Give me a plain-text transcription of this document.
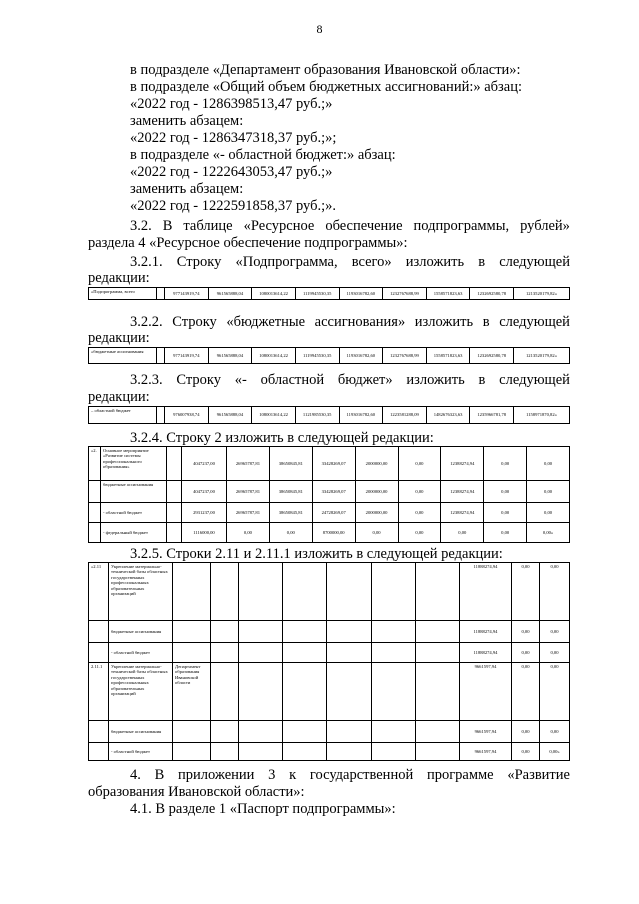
8
в подразделе «Департамент образования Ивановской области»:
в подразделе «Общий объем бюджетных ассигнований:» абзац:
«2022 год - 1286398513,47 руб.;»
заменить абзацем:
«2022 год - 1286347318,37 руб.;»;
в подразделе «- областной бюджет:» абзац:
«2022 год - 1222643053,47 руб.;»
заменить абзацем:
«2022 год - 1222591858,37 руб.;».
3.2. В таблице «Ресурсное обеспечение подпрограммы, рублей»
раздела 4 «Ресурсное обеспечение подпрограммы»:
3.2.1. Строку «Подпрограмма, всего» изложить в следующей
редакции:
«Подпрограмма, всего		977143919,74	961565888,04	1080013614,22	1119945530,35	1193016782,60	1232767688,99	1558571823,63	1232692580,78	1213520179,82»
3.2.2. Строку «бюджетные ассигнования» изложить в следующей
редакции:
«бюджетные ассигнования		977143919,74	961565888,04	1080013614,22	1119945530,35	1193016782,60	1232767688,99	1558571823,63	1232692580,78	1213520179,82»
3.2.3. Строку «- областной бюджет» изложить в следующей
редакции:
– областной бюджет		976007938,74	961565888,04	1080013614,22	1121985530,35	1193016782,60	1223581288,09	1482676323,63	1235966781,78	1158971870,82»
3.2.4. Строку 2 изложить в следующей редакции:
«2.	Основное мероприятие «Развитие системы профессионального образования»		4047237,00	26965787,81	38650845,81	33428269,07	2000000,00	0,00	12388274,94	0,00	0,00
	бюджетные ассигнования		4047237,00	26965787,81	38650845,81	33428269,07	2000000,00	0,00	12388274,94	0,00	0,00
	- областной бюджет		2931237,00	26965787,81	38650845,81	24728269,07	2000000,00	0,00	12388274,94	0,00	0,00
	- федеральный бюджет		1116000,00	0,00	0,00	8700000,00	0,00	0,00	0,00	0,00	0,00»
3.2.5. Строки 2.11 и 2.11.1 изложить в следующей редакции:
«2.11	Укрепление материально-технической базы областных государственных профессиональных образовательных организаций								11888274,94	0,00	0,00
	бюджетные ассигнования								11888274,94	0,00	0,00
	- областной бюджет								11888274,94	0,00	0,00
2.11.1	Укрепление материально-технической базы областных государственных профессиональных образовательных организаций	Департамент образования Ивановской области							9661597,94	0,00	0,00
	бюджетные ассигнования								9661597,94	0,00	0,00
	- областной бюджет								9661597,94	0,00	0,00»
4. В приложении 3 к государственной программе «Развитие
образования Ивановской области»:
4.1. В разделе 1 «Паспорт подпрограммы»:
